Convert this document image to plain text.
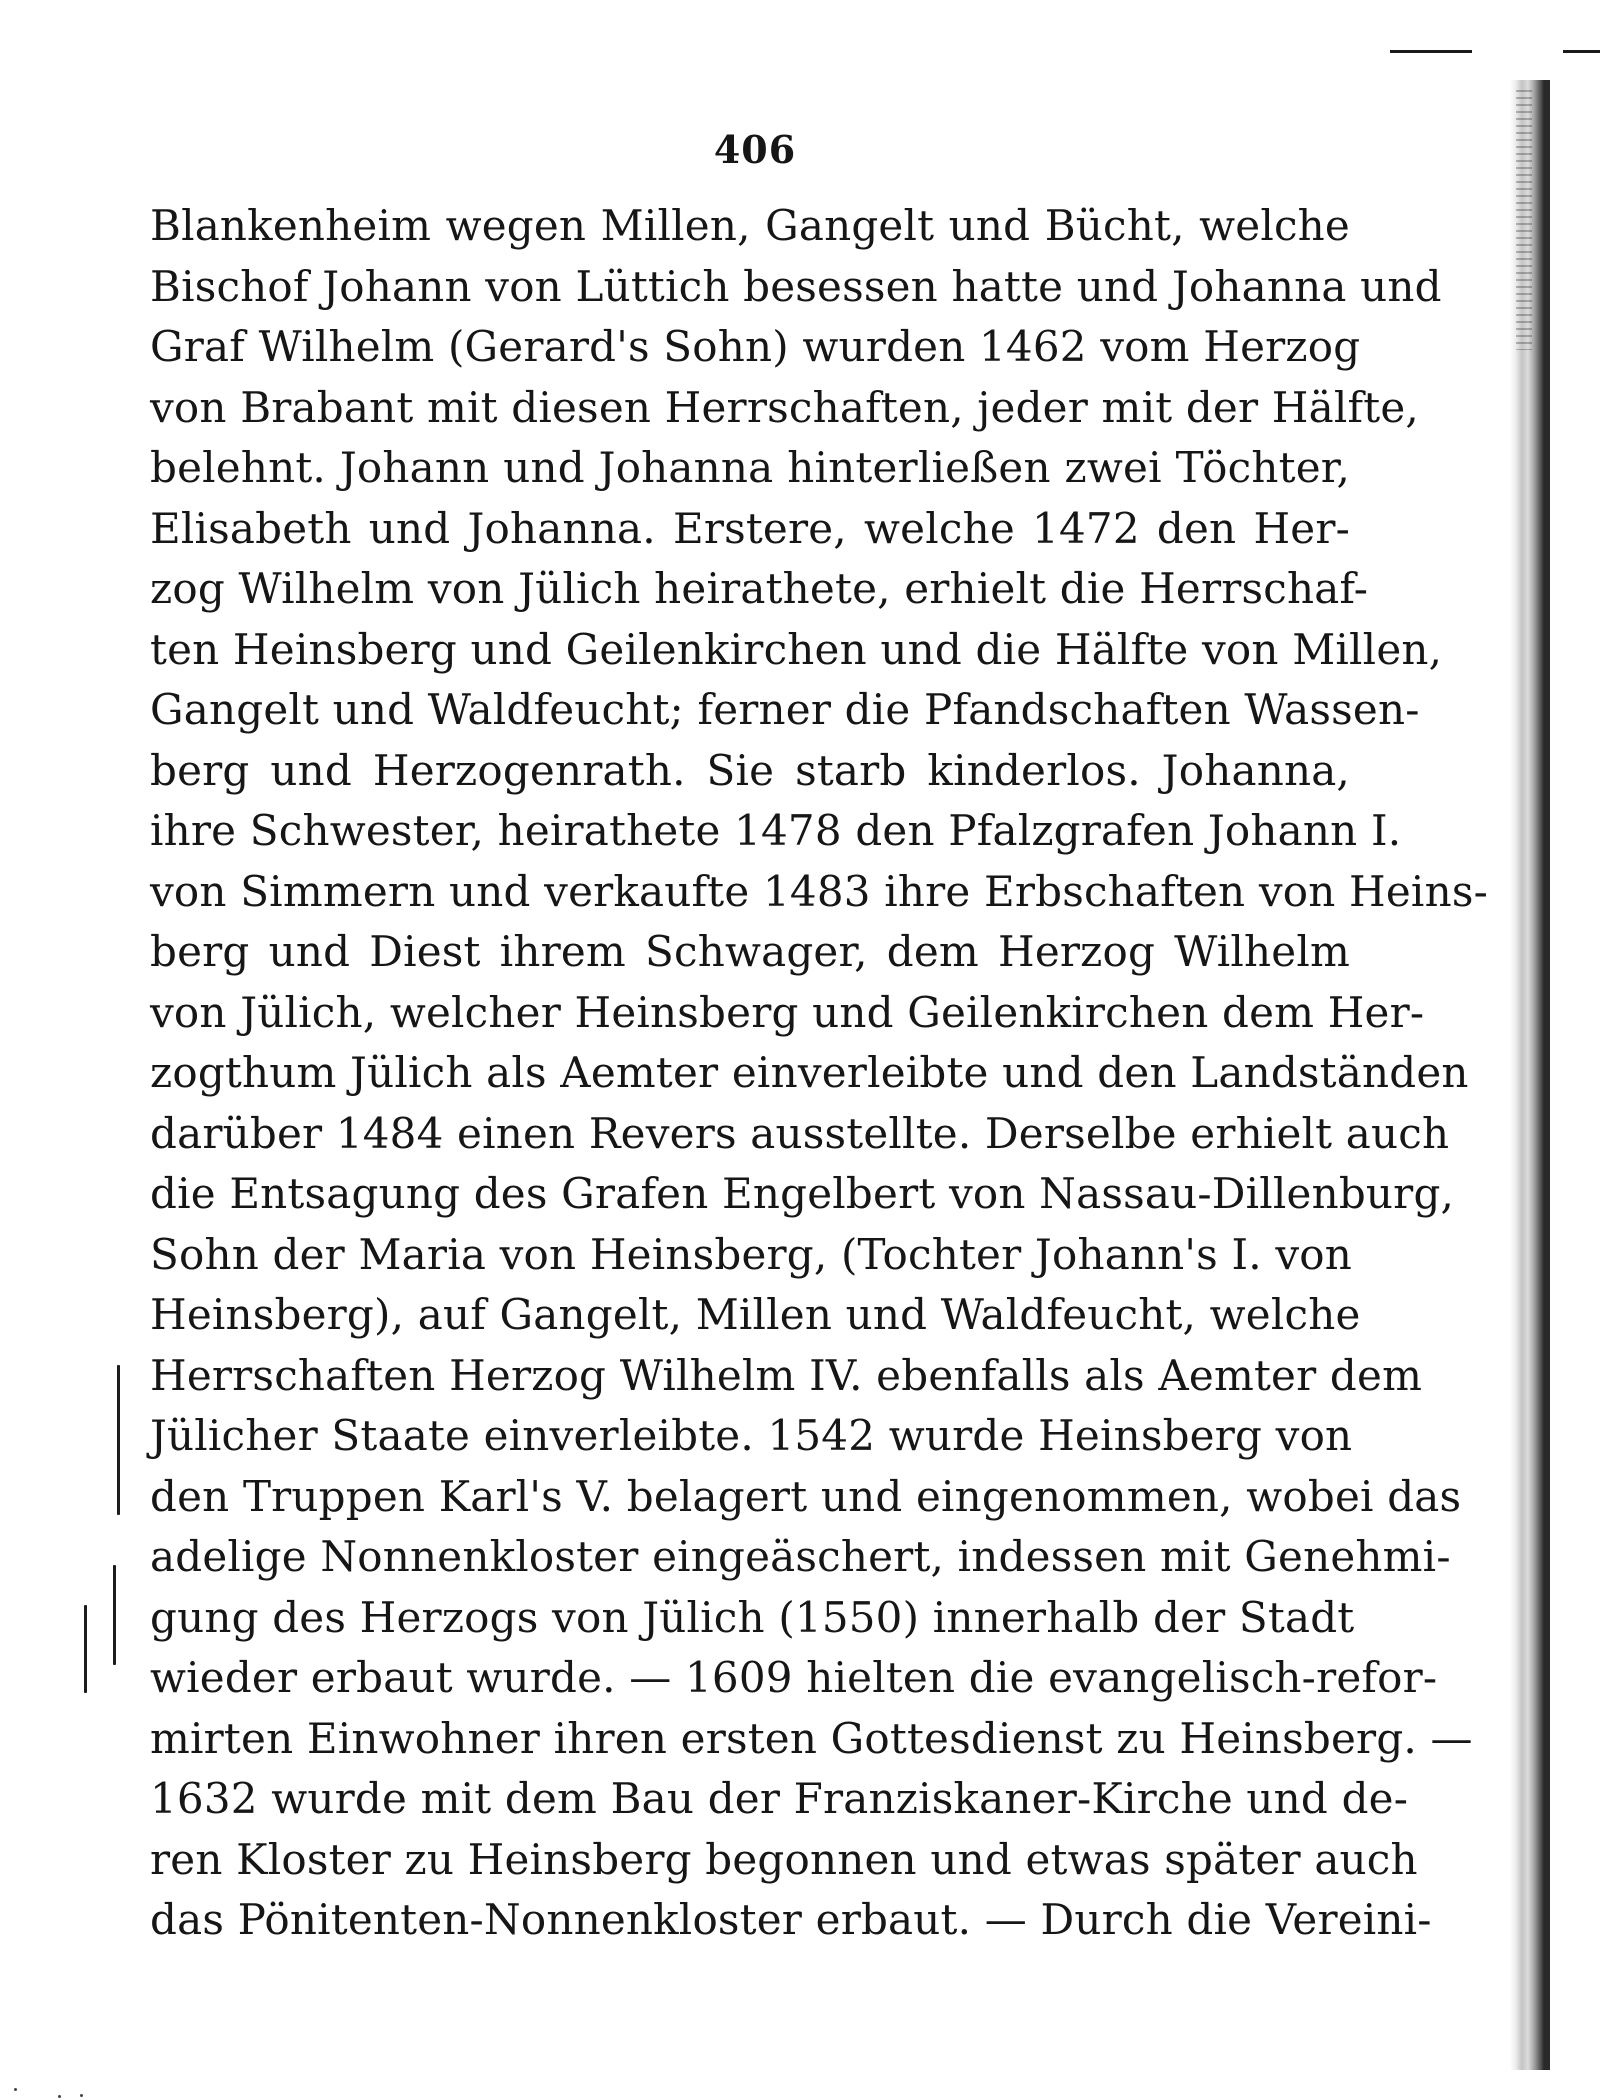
406
Blankenheim wegen Millen, Gangelt und Bücht, welche
Bischof Johann von Lüttich besessen hatte und Johanna und
Graf Wilhelm (Gerard's Sohn) wurden 1462 vom Herzog
von Brabant mit diesen Herrschaften, jeder mit der Hälfte,
belehnt. Johann und Johanna hinterließen zwei Töchter,
Elisabeth und Johanna. Erstere, welche 1472 den Her-
zog Wilhelm von Jülich heirathete, erhielt die Herrschaf-
ten Heinsberg und Geilenkirchen und die Hälfte von Millen,
Gangelt und Waldfeucht; ferner die Pfandschaften Wassen-
berg und Herzogenrath. Sie starb kinderlos. Johanna,
ihre Schwester, heirathete 1478 den Pfalzgrafen Johann I.
von Simmern und verkaufte 1483 ihre Erbschaften von Heins-
berg und Diest ihrem Schwager, dem Herzog Wilhelm
von Jülich, welcher Heinsberg und Geilenkirchen dem Her-
zogthum Jülich als Aemter einverleibte und den Landständen
darüber 1484 einen Revers ausstellte. Derselbe erhielt auch
die Entsagung des Grafen Engelbert von Nassau-Dillenburg,
Sohn der Maria von Heinsberg, (Tochter Johann's I. von
Heinsberg), auf Gangelt, Millen und Waldfeucht, welche
Herrschaften Herzog Wilhelm IV. ebenfalls als Aemter dem
Jülicher Staate einverleibte. 1542 wurde Heinsberg von
den Truppen Karl's V. belagert und eingenommen, wobei das
adelige Nonnenkloster eingeäschert, indessen mit Genehmi-
gung des Herzogs von Jülich (1550) innerhalb der Stadt
wieder erbaut wurde. — 1609 hielten die evangelisch-refor-
mirten Einwohner ihren ersten Gottesdienst zu Heinsberg. —
1632 wurde mit dem Bau der Franziskaner-Kirche und de-
ren Kloster zu Heinsberg begonnen und etwas später auch
das Pönitenten-Nonnenkloster erbaut. — Durch die Vereini-
